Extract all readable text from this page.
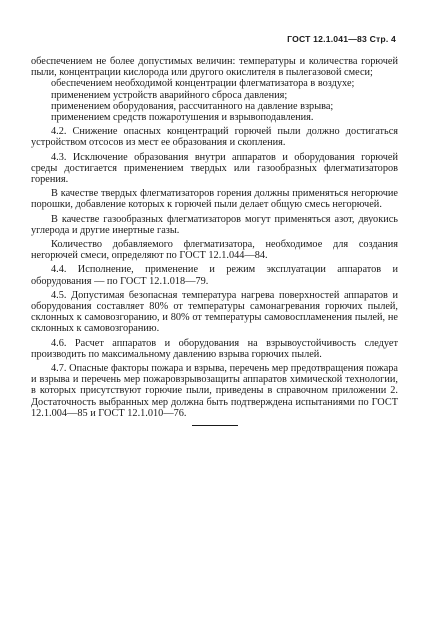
ГОСТ 12.1.041—83 Стр. 4

обеспечением не более допустимых величин: температуры и количества горючей пыли, концентрации кислорода или другого окислителя в пылегазовой смеси;

обеспечением необходимой концентрации флегматизатора в воздухе;

применением устройств аварийного сброса давления;

применением оборудования, рассчитанного на давление взрыва;

применением средств пожаротушения и взрывоподавления.

4.2. Снижение опасных концентраций горючей пыли должно достигаться устройством отсосов из мест ее образования и скопления.

4.3. Исключение образования внутри аппаратов и оборудования горючей среды достигается применением твердых или газообразных флегматизаторов горения.

В качестве твердых флегматизаторов горения должны применяться негорючие порошки, добавление которых к горючей пыли делает общую смесь негорючей.

В качестве газообразных флегматизаторов могут применяться азот, двуокись углерода и другие инертные газы.

Количество добавляемого флегматизатора, необходимое для создания негорючей смеси, определяют по ГОСТ 12.1.044—84.

4.4. Исполнение, применение и режим эксплуатации аппаратов и оборудования — по ГОСТ 12.1.018—79.

4.5. Допустимая безопасная температура нагрева поверхностей аппаратов и оборудования составляет 80% от температуры самонагревания горючих пылей, склонных к самовозгоранию, и 80% от температуры самовоспламенения пылей, не склонных к самовозгоранию.

4.6. Расчет аппаратов и оборудования на взрывоустойчивость следует производить по максимальному давлению взрыва горючих пылей.

4.7. Опасные факторы пожара и взрыва, перечень мер предотвращения пожара и взрыва и перечень мер пожаровзрывозащиты аппаратов химической технологии, в которых присутствуют горючие пыли, приведены в справочном приложении 2. Достаточность выбранных мер должна быть подтверждена испытаниями по ГОСТ 12.1.004—85 и ГОСТ 12.1.010—76.
